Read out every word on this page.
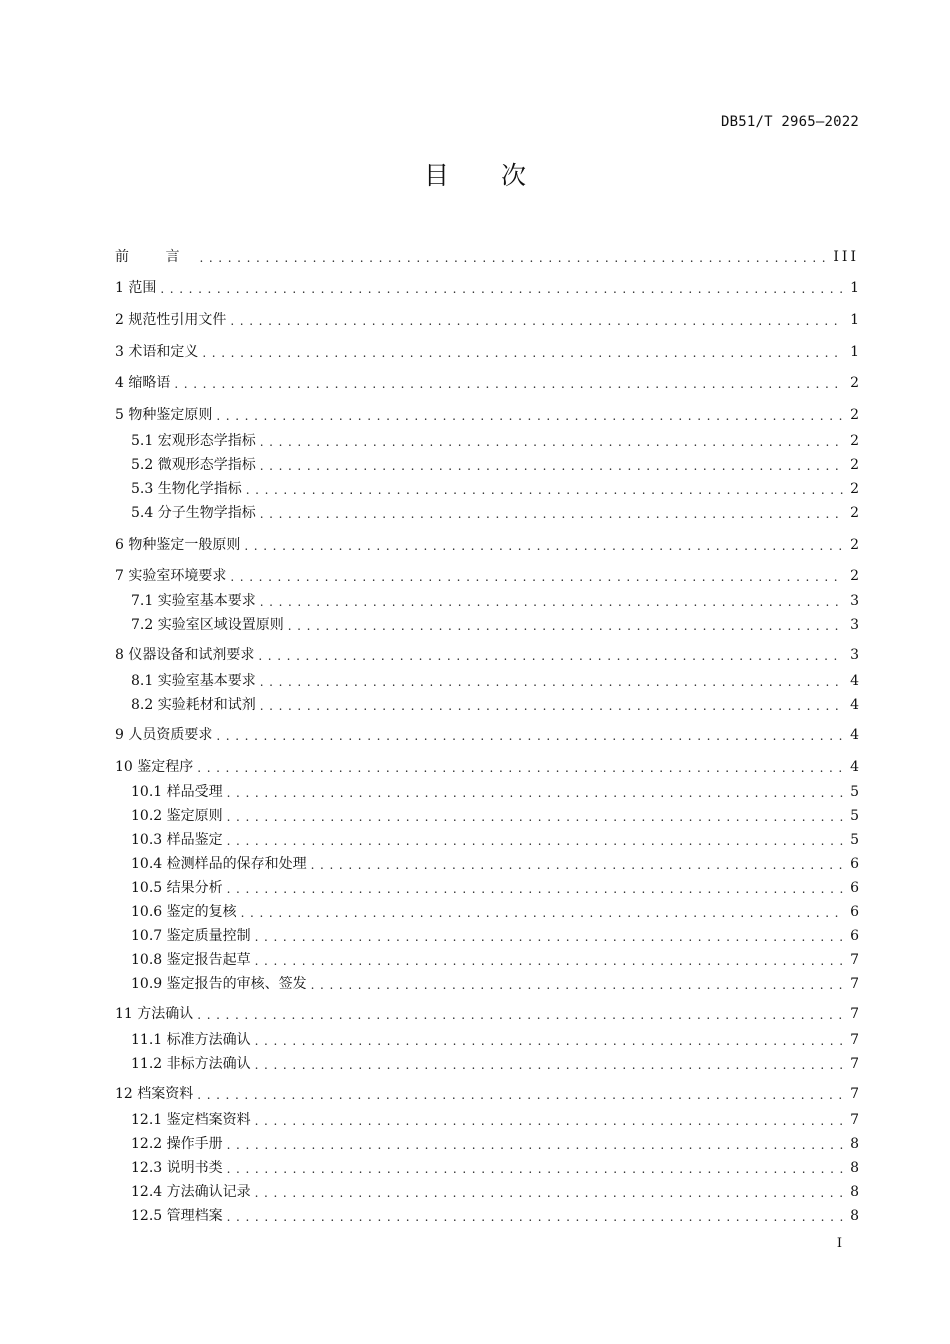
DB51/T 2965—2022
目 次
前 言 . . .	III
1 范围 . . .	1
2 规范性引用文件 . . .	1
3 术语和定义 . . .	1
4 缩略语 . . .	2
5 物种鉴定原则 . . .	2
5.1 宏观形态学指标 . . .	2
5.2 微观形态学指标 . . .	2
5.3 生物化学指标 . . .	2
5.4 分子生物学指标 . . .	2
6 物种鉴定一般原则 . . .	2
7 实验室环境要求 . . .	2
7.1 实验室基本要求 . . .	3
7.2 实验室区域设置原则 . . .	3
8 仪器设备和试剂要求 . . .	3
8.1 实验室基本要求 . . .	4
8.2 实验耗材和试剂 . . .	4
9 人员资质要求 . . .	4
10 鉴定程序 . . .	4
10.1 样品受理 . . .	5
10.2 鉴定原则 . . .	5
10.3 样品鉴定 . . .	5
10.4 检测样品的保存和处理 . . .	6
10.5 结果分析 . . .	6
10.6 鉴定的复核 . . .	6
10.7 鉴定质量控制 . . .	6
10.8 鉴定报告起草 . . .	7
10.9 鉴定报告的审核、签发 . . .	7
11 方法确认 . . .	7
11.1 标准方法确认 . . .	7
11.2 非标方法确认 . . .	7
12 档案资料 . . .	7
12.1 鉴定档案资料 . . .	7
12.2 操作手册 . . .	8
12.3 说明书类 . . .	8
12.4 方法确认记录 . . .	8
12.5 管理档案 . . .	8
I
